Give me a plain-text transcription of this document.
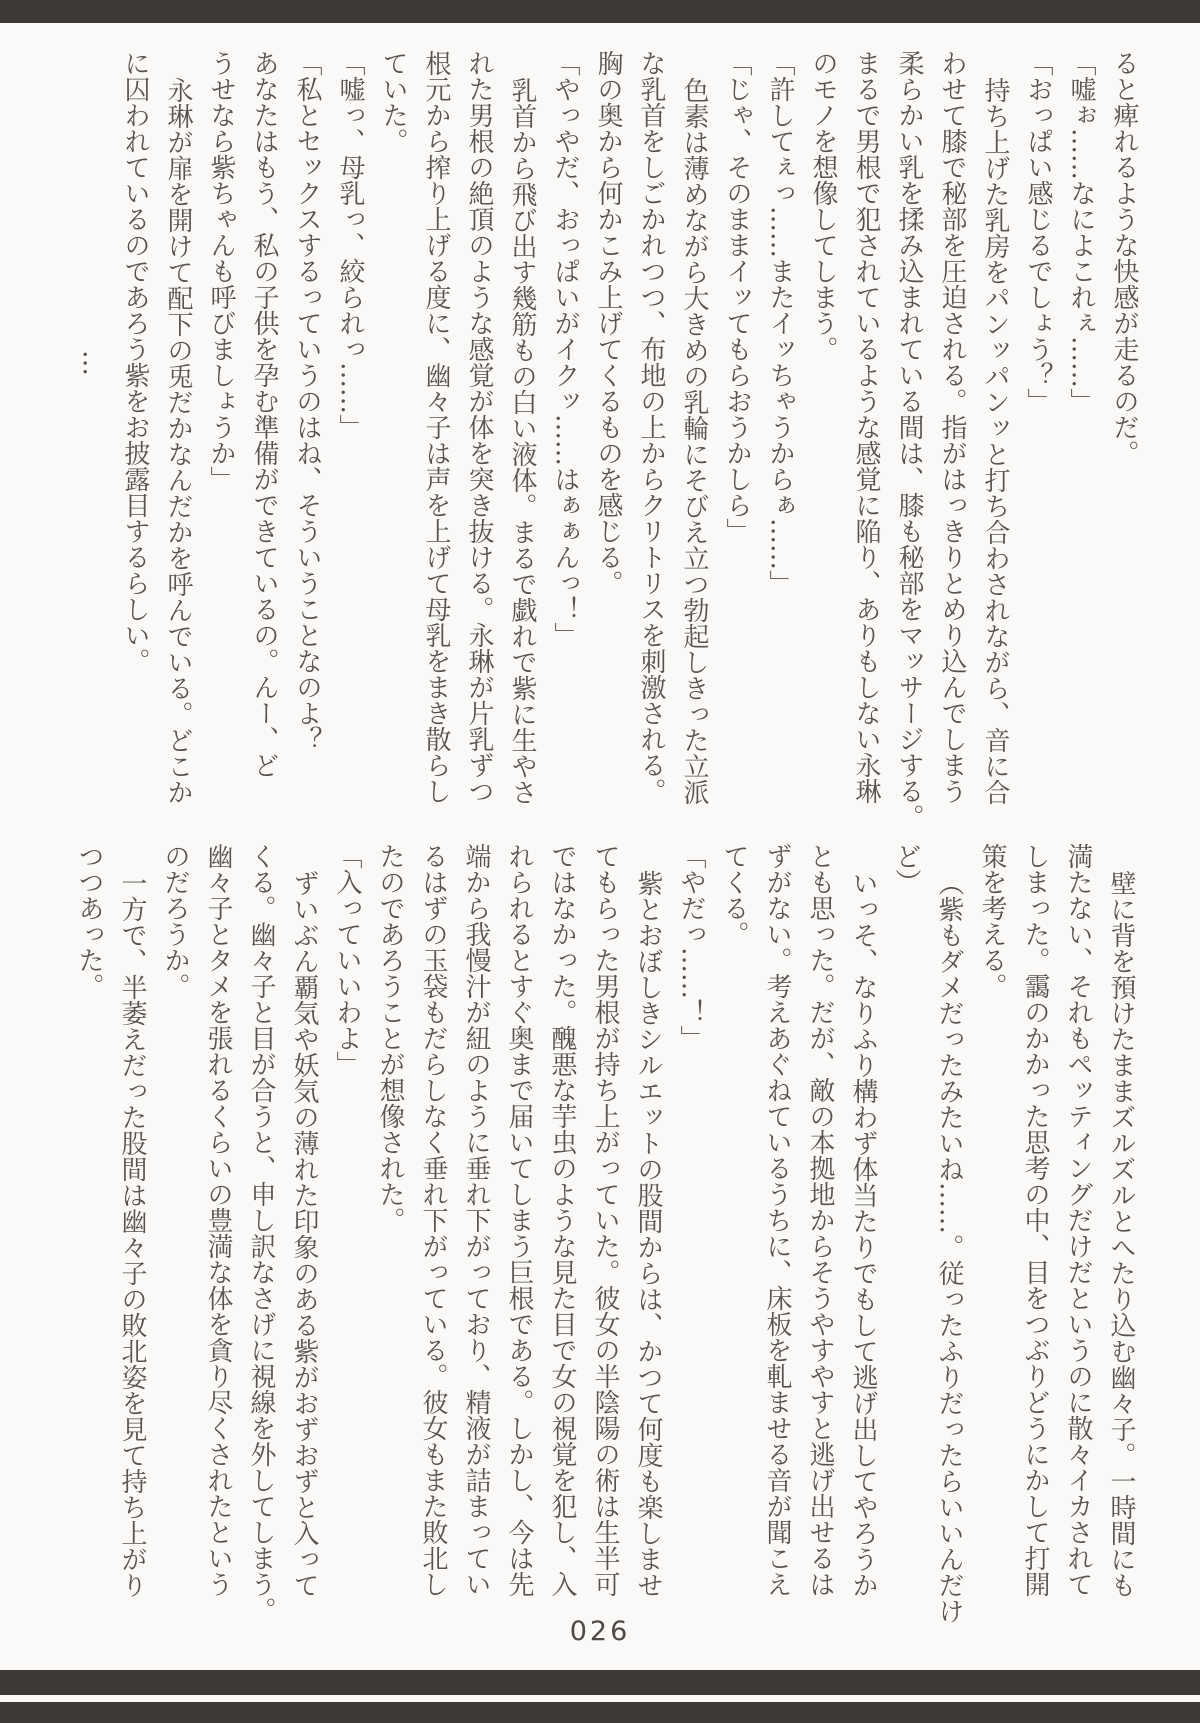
ると痺れるような快感が走るのだ。
「嘘ぉ……なによこれぇ……」
「おっぱい感じるでしょう？」
持ち上げた乳房をパンッパンッと打ち合わされながら、音に合
わせて膝で秘部を圧迫される。指がはっきりとめり込んでしまう
柔らかい乳を揉み込まれている間は、膝も秘部をマッサージする。
まるで男根で犯されているような感覚に陥り、ありもしない永琳
のモノを想像してしまう。
「許してぇっ……またイッちゃうからぁ……」
「じゃ、そのままイッてもらおうかしら」
色素は薄めながら大きめの乳輪にそびえ立つ勃起しきった立派
な乳首をしごかれつつ、布地の上からクリトリスを刺激される。
胸の奥から何かこみ上げてくるものを感じる。
「やっやだ、おっぱいがイクッ……はぁぁんっ！」
乳首から飛び出す幾筋もの白い液体。まるで戯れで紫に生やさ
れた男根の絶頂のような感覚が体を突き抜ける。永琳が片乳ずつ
根元から搾り上げる度に、幽々子は声を上げて母乳をまき散らし
ていた。
「嘘っ、母乳っ、絞られっ……」
「私とセックスするっていうのはね、そういうことなのよ？
あなたはもう、私の子供を孕む準備ができているの。んー、ど
うせなら紫ちゃんも呼びましょうか」
永琳が扉を開けて配下の兎だかなんだかを呼んでいる。どこか
に囚われているのであろう紫をお披露目するらしい。
…
壁に背を預けたままズルズルとへたり込む幽々子。一時間にも
満たない、それもペッティングだけだというのに散々イカされて
しまった。靄のかかった思考の中、目をつぶりどうにかして打開
策を考える。
（紫もダメだったみたいね……。従ったふりだったらいいんだけ
ど）
いっそ、なりふり構わず体当たりでもして逃げ出してやろうか
とも思った。だが、敵の本拠地からそうやすやすと逃げ出せるは
ずがない。考えあぐねているうちに、床板を軋ませる音が聞こえ
てくる。
「やだっ……！」
紫とおぼしきシルエットの股間からは、かつて何度も楽しませ
てもらった男根が持ち上がっていた。彼女の半陰陽の術は生半可
ではなかった。醜悪な芋虫のような見た目で女の視覚を犯し、入
れられるとすぐ奥まで届いてしまう巨根である。しかし、今は先
端から我慢汁が紐のように垂れ下がっており、精液が詰まってい
るはずの玉袋もだらしなく垂れ下がっている。彼女もまた敗北し
たのであろうことが想像された。
「入っていいわよ」
ずいぶん覇気や妖気の薄れた印象のある紫がおずおずと入って
くる。幽々子と目が合うと、申し訳なさげに視線を外してしまう。
幽々子とタメを張れるくらいの豊満な体を貪り尽くされたという
のだろうか。
一方で、半萎えだった股間は幽々子の敗北姿を見て持ち上がり
つつあった。
026
